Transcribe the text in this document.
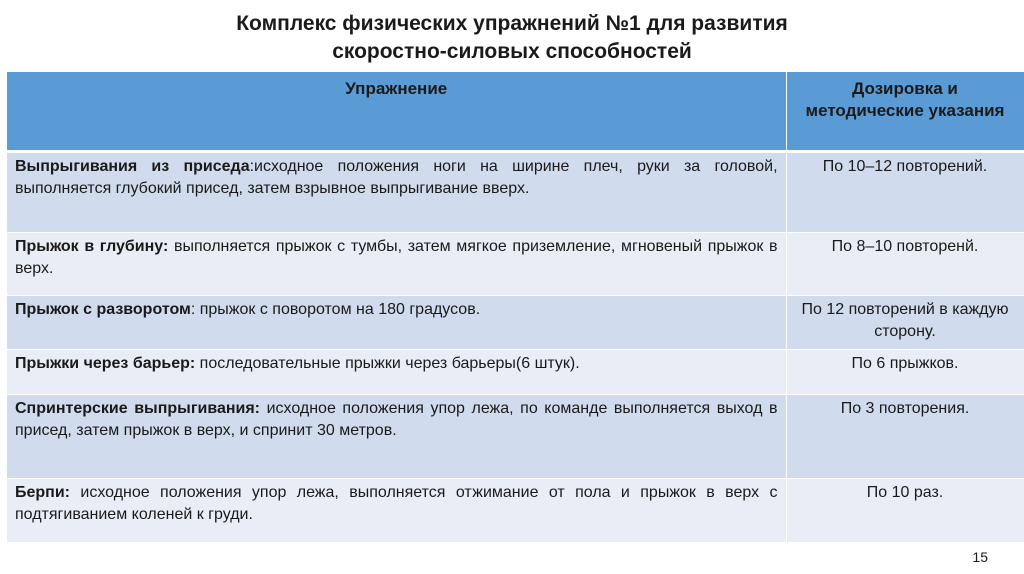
Комплекс физических упражнений №1 для развития
скоростно-силовых способностей
Упражнение	Дозировка и методические указания
Выпрыгивания из приседа:исходное положения ноги на ширине плеч, руки за головой, выполняется глубокий присед, затем взрывное выпрыгивание вверх.	По 10–12 повторений.
Прыжок в глубину: выполняется прыжок с тумбы, затем мягкое приземление, мгновеный прыжок в верх.	По 8–10 повторенй.
Прыжок с разворотом: прыжок с поворотом на 180 градусов.	По 12 повторений в каждую сторону.
Прыжки через барьер: последовательные прыжки через барьеры(6 штук).	По 6 прыжков.
Спринтерские выпрыгивания: исходное положения упор лежа, по команде выполняется выход в присед, затем прыжок в верх, и спринит 30 метров.	По 3 повторения.
Берпи: исходное положения упор лежа, выполняется отжимание от пола и прыжок в верх с подтягиванием коленей к груди.	По 10 раз.
15
